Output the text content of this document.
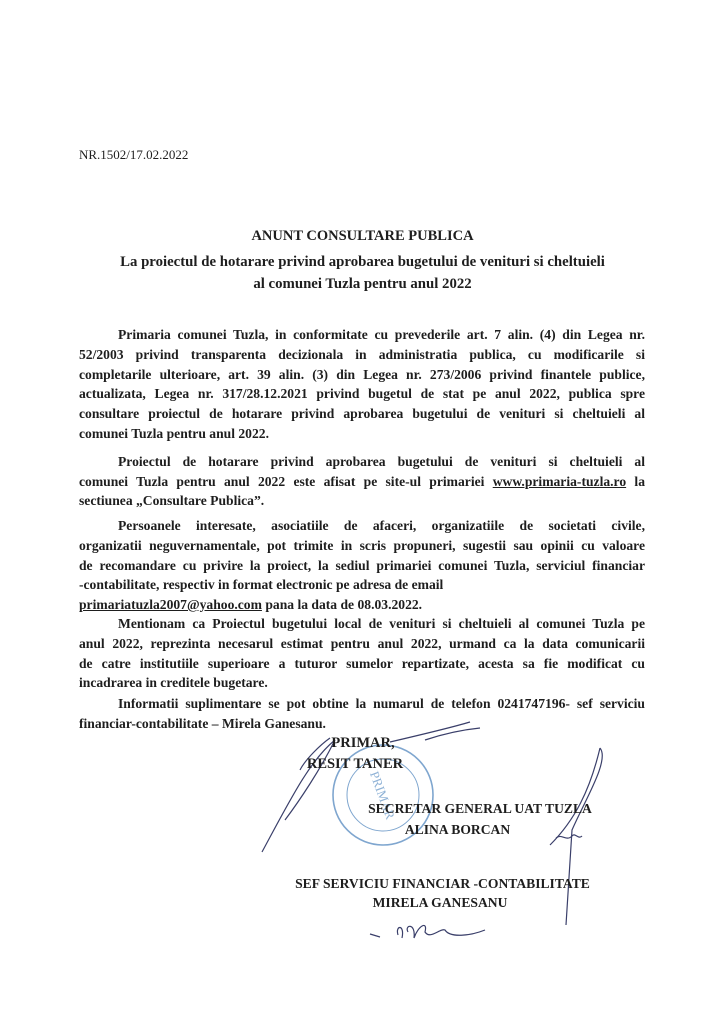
NR.1502/17.02.2022
ANUNT CONSULTARE PUBLICA
La proiectul de hotarare privind aprobarea bugetului de venituri si cheltuieli
al comunei Tuzla pentru anul 2022
Primaria comunei Tuzla, in conformitate cu prevederile art. 7 alin. (4) din Legea nr.
52/2003 privind transparenta decizionala in administratia publica, cu modificarile si
completarile ulterioare, art. 39 alin. (3) din Legea nr. 273/2006 privind finantele publice,
actualizata, Legea nr. 317/28.12.2021 privind bugetul de stat pe anul 2022, publica spre
consultare proiectul de hotarare privind aprobarea bugetului de venituri si cheltuieli al
comunei Tuzla pentru anul 2022.
Proiectul de hotarare privind aprobarea bugetului de venituri si cheltuieli al
comunei Tuzla pentru anul 2022 este afisat pe site-ul primariei www.primaria-tuzla.ro la
sectiunea „Consultare Publica”.
Persoanele interesate, asociatiile de afaceri, organizatiile de societati civile,
organizatii neguvernamentale, pot trimite in scris propuneri, sugestii sau opinii cu valoare
de recomandare cu privire la proiect, la sediul primariei comunei Tuzla, serviciul financiar
-contabilitate, respectiv in format electronic pe adresa de email
primariatuzla2007@yahoo.com pana la data de 08.03.2022.
Mentionam ca Proiectul bugetului local de venituri si cheltuieli al comunei Tuzla pe
anul 2022, reprezinta necesarul estimat pentru anul 2022, urmand ca la data comunicarii
de catre institutiile superioare a tuturor sumelor repartizate, acesta sa fie modificat cu
incadrarea in creditele bugetare.
Informatii suplimentare se pot obtine la numarul de telefon 0241747196- sef serviciu
financiar-contabilitate – Mirela Ganesanu.
PRIMAR
PRIMAR,
RESIT TANER
SECRETAR GENERAL UAT TUZLA
ALINA BORCAN
SEF SERVICIU FINANCIAR -CONTABILITATE
MIRELA GANESANU
